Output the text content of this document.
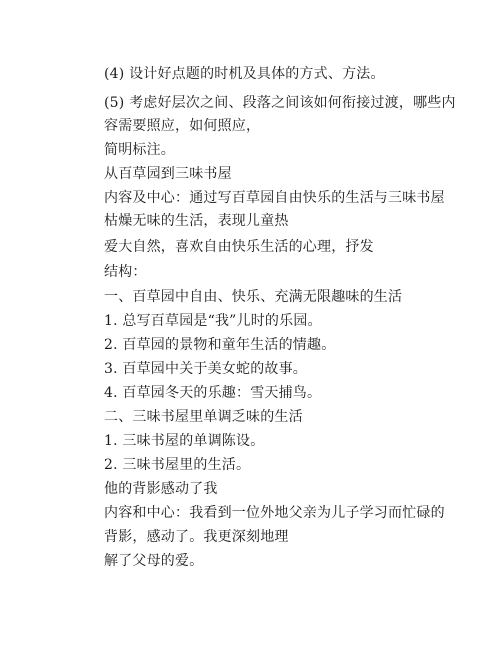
(4) 设计好点题的时机及具体的方式、方法。
(5) 考虑好层次之间、段落之间该如何衔接过渡，哪些内
容需要照应，如何照应，
简明标注。
从百草园到三味书屋
内容及中心：通过写百草园自由快乐的生活与三味书屋
枯燥无味的生活，表现儿童热
爱大自然，喜欢自由快乐生活的心理，抒发
结构：
一、百草园中自由、快乐、充满无限趣味的生活
1. 总写百草园是“我”儿时的乐园。
2. 百草园的景物和童年生活的情趣。
3. 百草园中关于美女蛇的故事。
4. 百草园冬天的乐趣：雪天捕鸟。
二、三味书屋里单调乏味的生活
1. 三味书屋的单调陈设。
2. 三味书屋里的生活。
他的背影感动了我
内容和中心：我看到一位外地父亲为儿子学习而忙碌的
背影，感动了。我更深刻地理
解了父母的爱。
